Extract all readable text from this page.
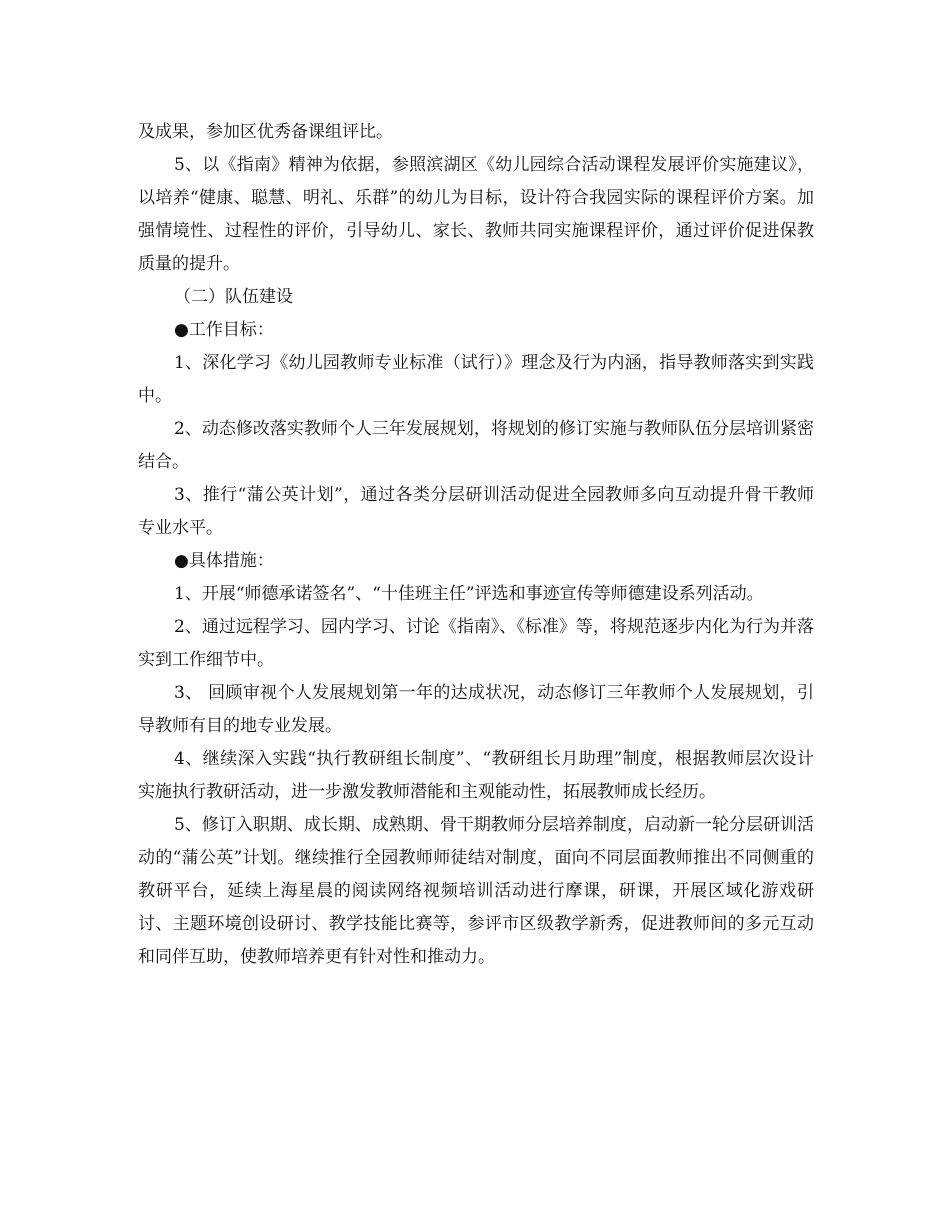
及成果，参加区优秀备课组评比。

5、以《指南》精神为依据，参照滨湖区《幼儿园综合活动课程发展评价实施建议》，以培养“健康、聪慧、明礼、乐群”的幼儿为目标，设计符合我园实际的课程评价方案。加强情境性、过程性的评价，引导幼儿、家长、教师共同实施课程评价，通过评价促进保教质量的提升。

（二）队伍建设

●工作目标：

1、深化学习《幼儿园教师专业标准（试行）》理念及行为内涵，指导教师落实到实践中。

2、动态修改落实教师个人三年发展规划，将规划的修订实施与教师队伍分层培训紧密结合。

3、推行“蒲公英计划”，通过各类分层研训活动促进全园教师多向互动提升骨干教师专业水平。

●具体措施：

1、开展“师德承诺签名”、“十佳班主任”评选和事迹宣传等师德建设系列活动。

2、通过远程学习、园内学习、讨论《指南》、《标准》等，将规范逐步内化为行为并落实到工作细节中。

3、 回顾审视个人发展规划第一年的达成状况，动态修订三年教师个人发展规划，引导教师有目的地专业发展。

4、继续深入实践“执行教研组长制度”、“教研组长月助理”制度，根据教师层次设计实施执行教研活动，进一步激发教师潜能和主观能动性，拓展教师成长经历。

5、修订入职期、成长期、成熟期、骨干期教师分层培养制度，启动新一轮分层研训活动的“蒲公英”计划。继续推行全园教师师徒结对制度，面向不同层面教师推出不同侧重的教研平台，延续上海星晨的阅读网络视频培训活动进行摩课，研课，开展区域化游戏研讨、主题环境创设研讨、教学技能比赛等，参评市区级教学新秀，促进教师间的多元互动和同伴互助，使教师培养更有针对性和推动力。
